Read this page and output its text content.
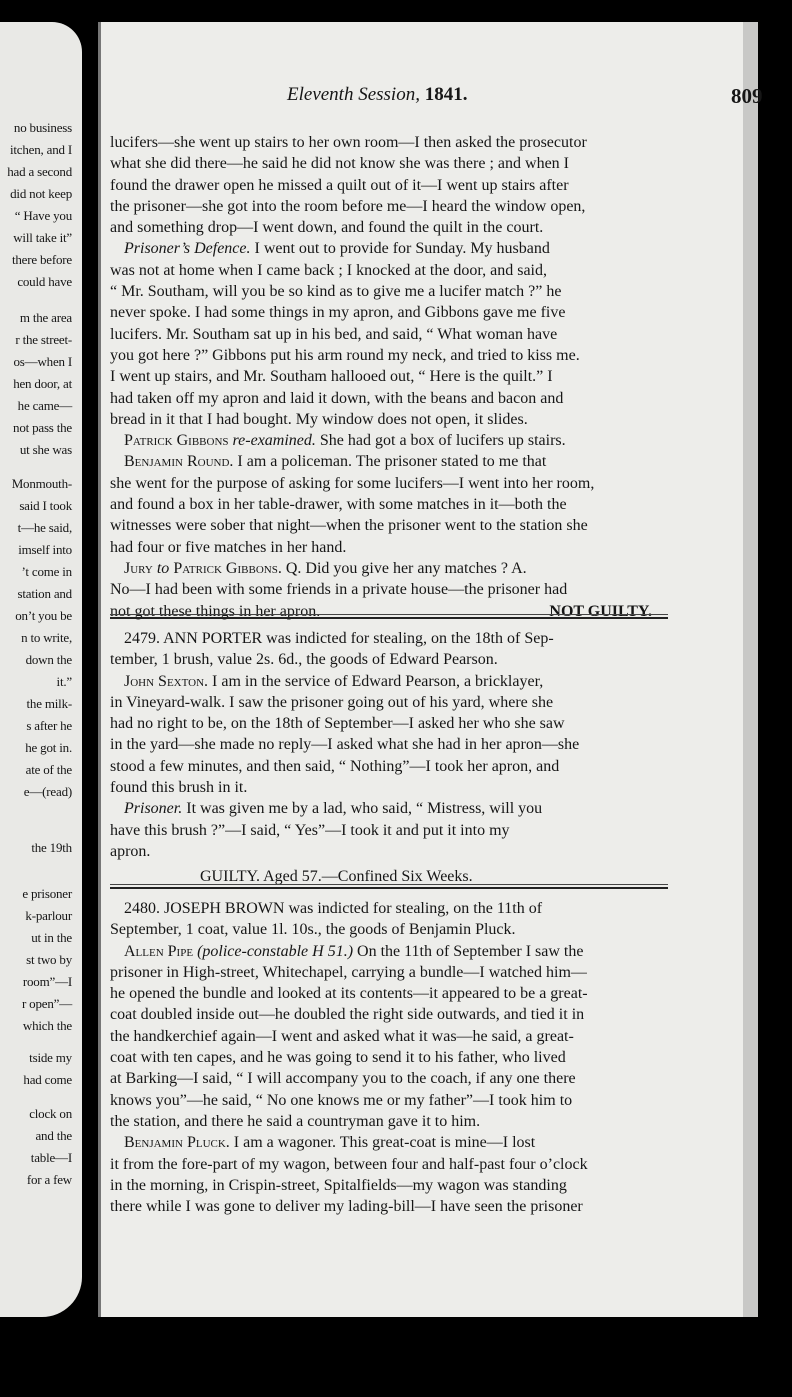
no business
itchen, and I
had a second
did not keep
“ Have you
will take it”
there before
could have
m the area
r the street-
os—when I
hen door, at
he came—
not pass the
ut she was
Monmouth-
said I took
t—he said,
imself into
’t come in
station and
on’t you be
n to write,
down the
it.”
the milk-
s after he
he got in.
ate of the
e—(read)
the 19th
e prisoner
k-parlour
ut in the
st two by
room”—I
r open”—
which the
tside my
had come
clock on
and the
table—I
for a few
Eleventh Session, 1841.	809
lucifers—she went up stairs to her own room—I then asked the prosecutor
what she did there—he said he did not know she was there ; and when I
found the drawer open he missed a quilt out of it—I went up stairs after
the prisoner—she got into the room before me—I heard the window open,
and something drop—I went down, and found the quilt in the court.
Prisoner’s Defence. I went out to provide for Sunday. My husband
was not at home when I came back ; I knocked at the door, and said,
“ Mr. Southam, will you be so kind as to give me a lucifer match ?” he
never spoke. I had some things in my apron, and Gibbons gave me five
lucifers. Mr. Southam sat up in his bed, and said, “ What woman have
you got here ?” Gibbons put his arm round my neck, and tried to kiss me.
I went up stairs, and Mr. Southam hallooed out, “ Here is the quilt.” I
had taken off my apron and laid it down, with the beans and bacon and
bread in it that I had bought. My window does not open, it slides.
Patrick Gibbons re-examined. She had got a box of lucifers up stairs.
Benjamin Round. I am a policeman. The prisoner stated to me that
she went for the purpose of asking for some lucifers—I went into her room,
and found a box in her table-drawer, with some matches in it—both the
witnesses were sober that night—when the prisoner went to the station she
had four or five matches in her hand.
Jury to Patrick Gibbons. Q. Did you give her any matches ? A.
No—I had been with some friends in a private house—the prisoner had
not got these things in her apron.	NOT GUILTY.
2479. ANN PORTER was indicted for stealing, on the 18th of Sep-
tember, 1 brush, value 2s. 6d., the goods of Edward Pearson.
John Sexton. I am in the service of Edward Pearson, a bricklayer,
in Vineyard-walk. I saw the prisoner going out of his yard, where she
had no right to be, on the 18th of September—I asked her who she saw
in the yard—she made no reply—I asked what she had in her apron—she
stood a few minutes, and then said, “ Nothing”—I took her apron, and
found this brush in it.
Prisoner. It was given me by a lad, who said, “ Mistress, will you
have this brush ?”—I said, “ Yes”—I took it and put it into my
apron.
GUILTY. Aged 57.—Confined Six Weeks.
2480. JOSEPH BROWN was indicted for stealing, on the 11th of
September, 1 coat, value 1l. 10s., the goods of Benjamin Pluck.
Allen Pipe (police-constable H 51.) On the 11th of September I saw the
prisoner in High-street, Whitechapel, carrying a bundle—I watched him—
he opened the bundle and looked at its contents—it appeared to be a great-
coat doubled inside out—he doubled the right side outwards, and tied it in
the handkerchief again—I went and asked what it was—he said, a great-
coat with ten capes, and he was going to send it to his father, who lived
at Barking—I said, “ I will accompany you to the coach, if any one there
knows you”—he said, “ No one knows me or my father”—I took him to
the station, and there he said a countryman gave it to him.
Benjamin Pluck. I am a wagoner. This great-coat is mine—I lost
it from the fore-part of my wagon, between four and half-past four o’clock
in the morning, in Crispin-street, Spitalfields—my wagon was standing
there while I was gone to deliver my lading-bill—I have seen the prisoner
